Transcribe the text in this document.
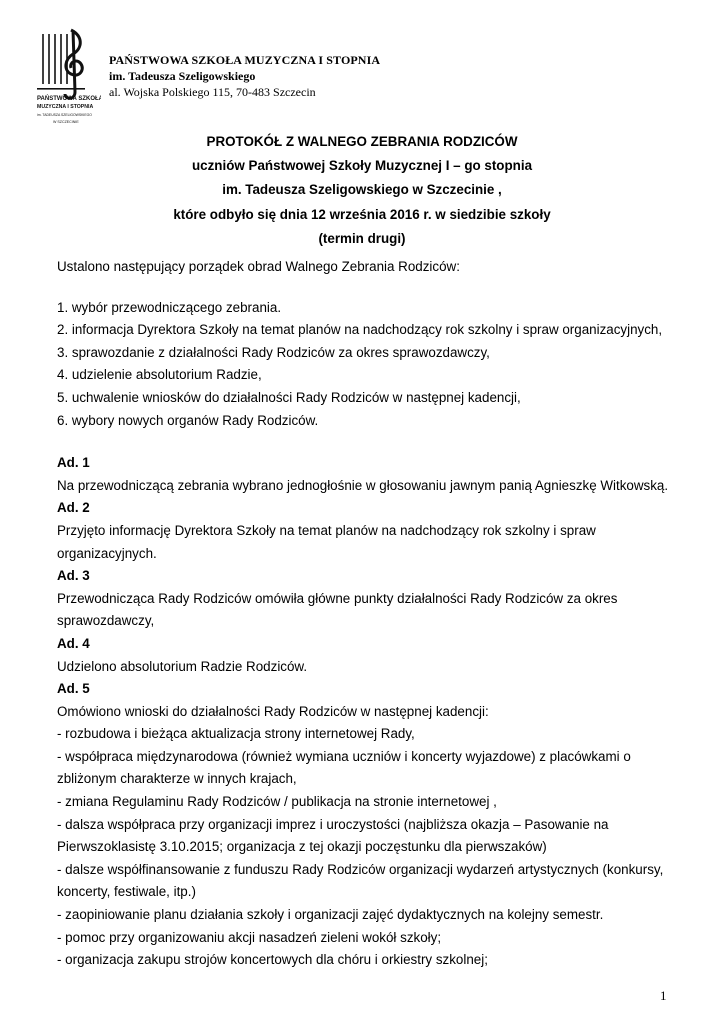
PAŃSTWOWA SZKOŁA
MUZYCZNA I STOPNIA
im. TADEUSZA SZELIGOWSKIEGO
W SZCZECINIE
PAŃSTWOWA SZKOŁA MUZYCZNA I STOPNIA
im. Tadeusza Szeligowskiego
al. Wojska Polskiego 115, 70-483 Szczecin
PROTOKÓŁ Z WALNEGO ZEBRANIA RODZICÓW
uczniów Państwowej Szkoły Muzycznej I – go stopnia
im. Tadeusza Szeligowskiego w Szczecinie ,
które odbyło się dnia 12 września 2016 r. w siedzibie szkoły
(termin drugi)

Ustalono następujący porządek obrad Walnego Zebrania Rodziców:

1. wybór przewodniczącego zebrania.

2. informacja Dyrektora Szkoły na temat planów na nadchodzący rok szkolny i spraw organizacyjnych,

3. sprawozdanie z działalności Rady Rodziców za okres sprawozdawczy,

4. udzielenie absolutorium Radzie,

5. uchwalenie wniosków do działalności Rady Rodziców w następnej kadencji,

6. wybory nowych organów Rady Rodziców.

Ad. 1

Na przewodniczącą zebrania wybrano jednogłośnie w głosowaniu jawnym panią Agnieszkę Witkowską.

Ad. 2

Przyjęto informację Dyrektora Szkoły na temat planów na nadchodzący rok szkolny i spraw

organizacyjnych.

Ad. 3

Przewodnicząca Rady Rodziców omówiła główne punkty działalności Rady Rodziców za okres

sprawozdawczy,

Ad. 4

Udzielono absolutorium Radzie Rodziców.

Ad. 5

Omówiono wnioski do działalności Rady Rodziców w następnej kadencji:

- rozbudowa i bieżąca aktualizacja strony internetowej Rady,

- współpraca międzynarodowa (również wymiana uczniów i koncerty wyjazdowe) z placówkami o

zbliżonym charakterze w innych krajach,

- zmiana Regulaminu Rady Rodziców / publikacja na stronie internetowej ,

- dalsza współpraca przy organizacji imprez i uroczystości (najbliższa okazja – Pasowanie na

Pierwszoklasistę 3.10.2015; organizacja z tej okazji poczęstunku dla pierwszaków)

- dalsze współfinansowanie z funduszu Rady Rodziców organizacji wydarzeń artystycznych (konkursy,

koncerty, festiwale, itp.)

- zaopiniowanie planu działania szkoły i organizacji zajęć dydaktycznych na kolejny semestr.

- pomoc przy organizowaniu akcji nasadzeń zieleni wokół szkoły;

- organizacja zakupu strojów koncertowych dla chóru i orkiestry szkolnej;

1
